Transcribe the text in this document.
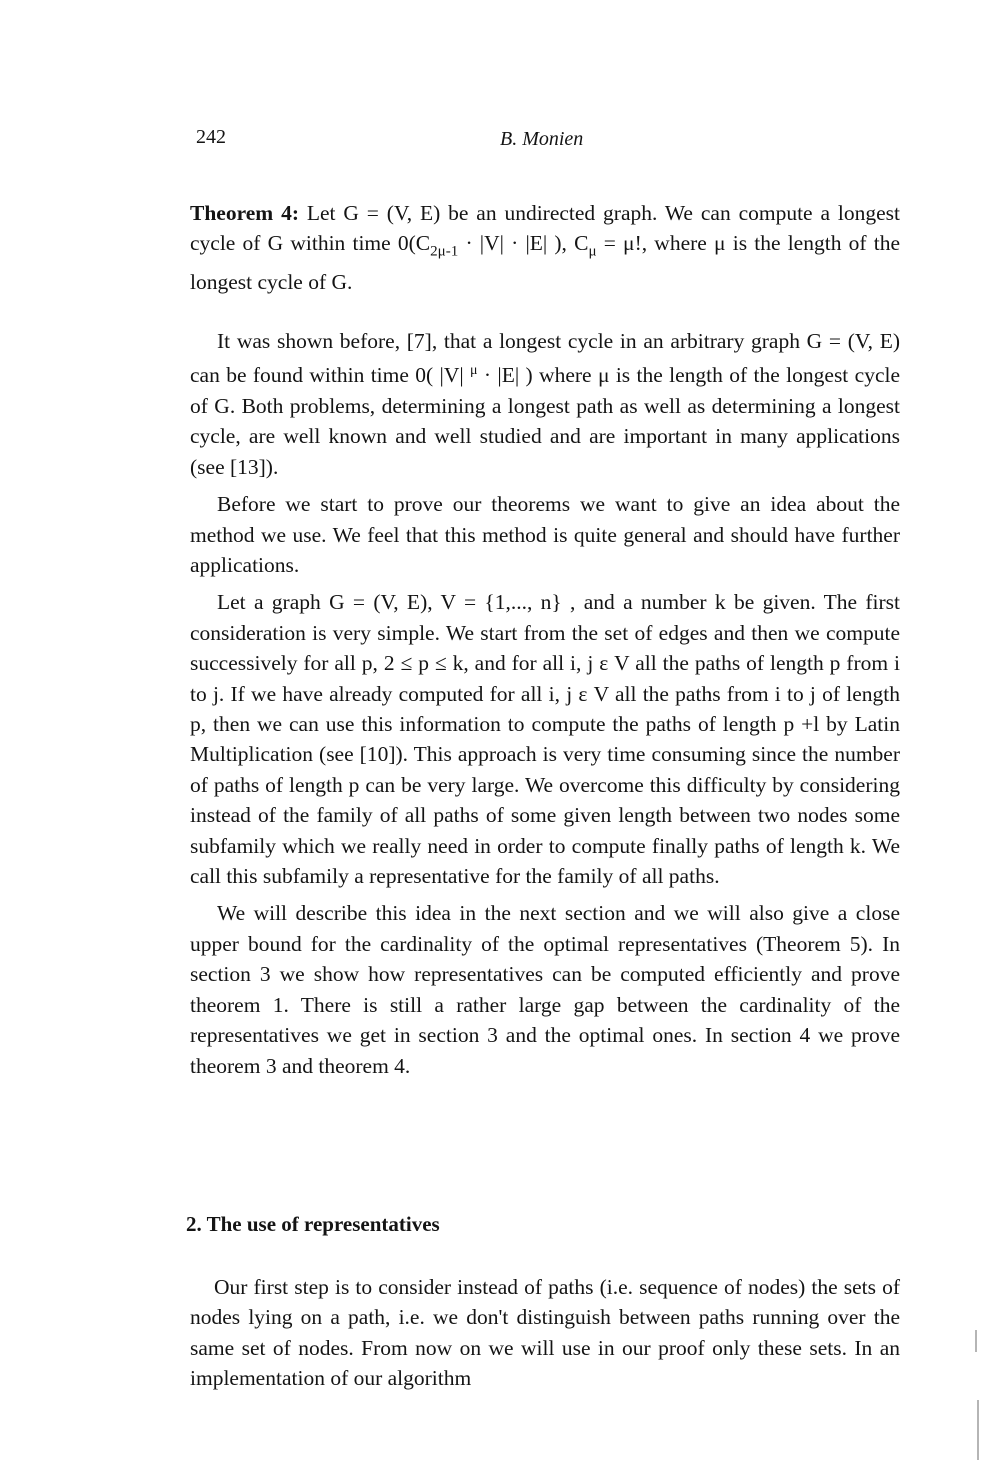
242	B. Monien

Theorem 4: Let G = (V, E) be an undirected graph. We can compute a longest cycle of G within time $0(C_{2\mu-1} \cdot |V| \cdot |E|$ ), $C_\mu = \mu$!, where μ is the length of the longest cycle of G.

It was shown before, [7], that a longest cycle in an arbitrary graph G = (V, E) can be found within time 0( |V| $^\mu$ · |E| ) where μ is the length of the longest cycle of G. Both problems, determining a longest path as well as determining a longest cycle, are well known and well studied and are important in many applications (see [13]).

Before we start to prove our theorems we want to give an idea about the method we use. We feel that this method is quite general and should have further applications.

Let a graph G = (V, E), V = {1,..., n} , and a number k be given. The first consideration is very simple. We start from the set of edges and then we compute successively for all p, 2 ≤ p ≤ k, and for all i, j ε V all the paths of length p from i to j. If we have already computed for all i, j ε V all the paths from i to j of length p, then we can use this information to compute the paths of length p +l by Latin Multiplication (see [10]). This approach is very time consuming since the number of paths of length p can be very large. We overcome this difficulty by considering instead of the family of all paths of some given length between two nodes some subfamily which we really need in order to compute finally paths of length k. We call this subfamily a representative for the family of all paths.

We will describe this idea in the next section and we will also give a close upper bound for the cardinality of the optimal representatives (Theorem 5). In section 3 we show how representatives can be computed efficiently and prove theorem 1. There is still a rather large gap between the cardinality of the representatives we get in section 3 and the optimal ones. In section 4 we prove theorem 3 and theorem 4.

2. The use of representatives

Our first step is to consider instead of paths (i.e. sequence of nodes) the sets of nodes lying on a path, i.e. we don't distinguish between paths running over the same set of nodes. From now on we will use in our proof only these sets. In an implementation of our algorithm
